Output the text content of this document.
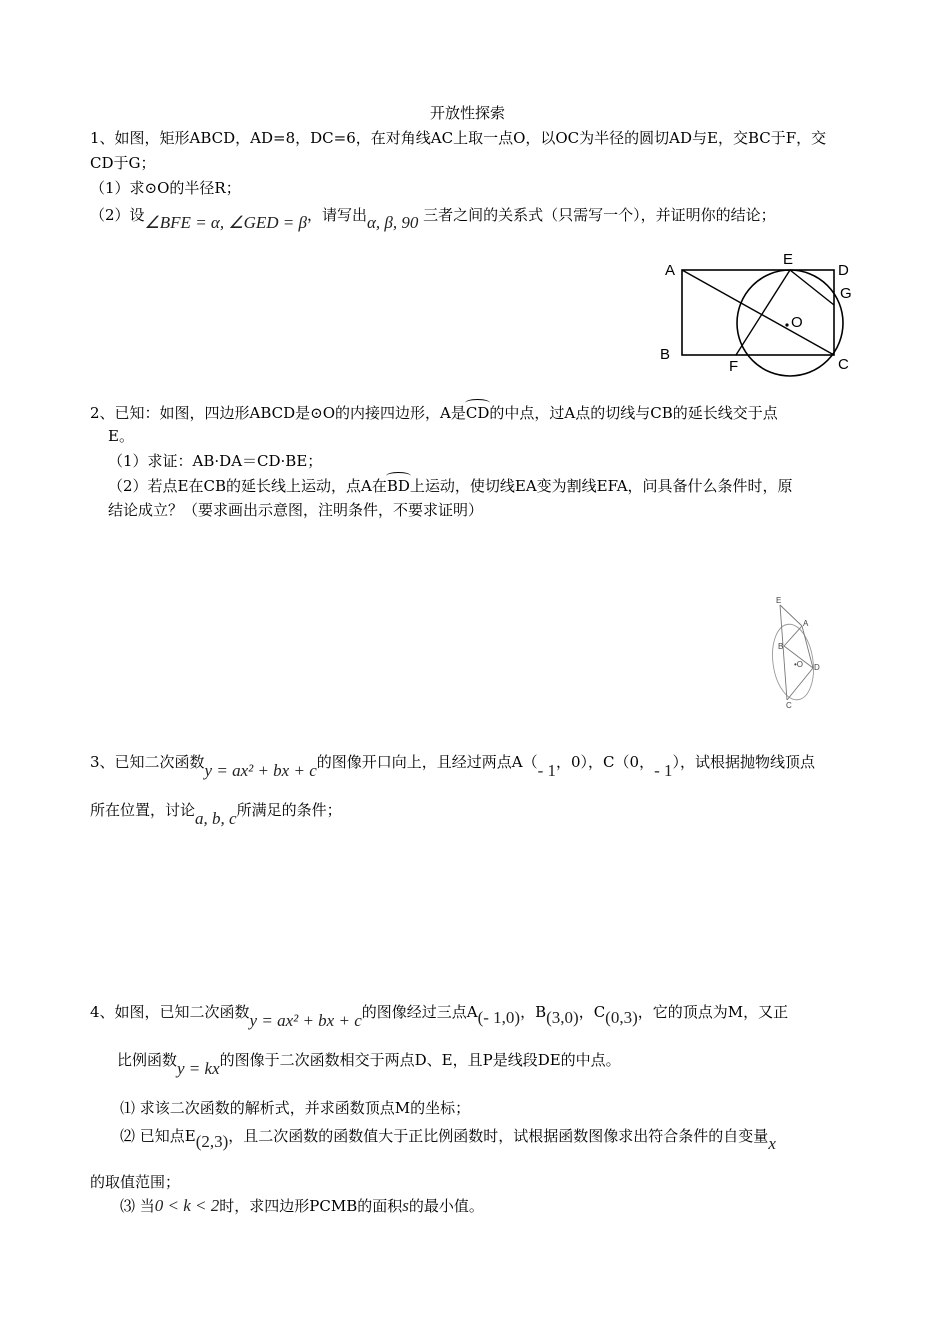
开放性探索
1、如图，矩形ABCD，AD=8，DC=6，在对角线AC上取一点O，以OC为半径的圆切AD与E，交BC于F，交
CD于G；
（1）求⊙O的半径R；
（2）设∠BFE = α, ∠GED = β，请写出α, β, 90 三者之间的关系式（只需写一个），并证明你的结论；
A
B
C
D
E
F
G
O
2、已知：如图，四边形ABCD是⊙O的内接四边形，A是
CD的中点，过A点的切线与CB的延长线交于点
E。
（1）求证：AB·DA＝CD·BE；
（2）若点E在CB的延长线上运动，点A在
BD上运动，使切线EA变为割线EFA，问具备什么条件时，原
结论成立？（要求画出示意图，注明条件，不要求证明）
E
A
B
•O D
C
3、已知二次函数y = ax² + bx + c的图像开口向上，且经过两点A（- 1，0），C（0，- 1），试根据抛物线顶点
所在位置，讨论a, b, c所满足的条件；
4、如图，已知二次函数y = ax² + bx + c的图像经过三点A(- 1,0)，B(3,0)，C(0,3)，它的顶点为M，又正
比例函数y = kx的图像于二次函数相交于两点D、E，且P是线段DE的中点。
⑴ 求该二次函数的解析式，并求函数顶点M的坐标；
⑵ 已知点E(2,3)，且二次函数的函数值大于正比例函数时，试根据函数图像求出符合条件的自变量x
的取值范围；
⑶ 当0 < k < 2时，求四边形PCMB的面积s的最小值。
